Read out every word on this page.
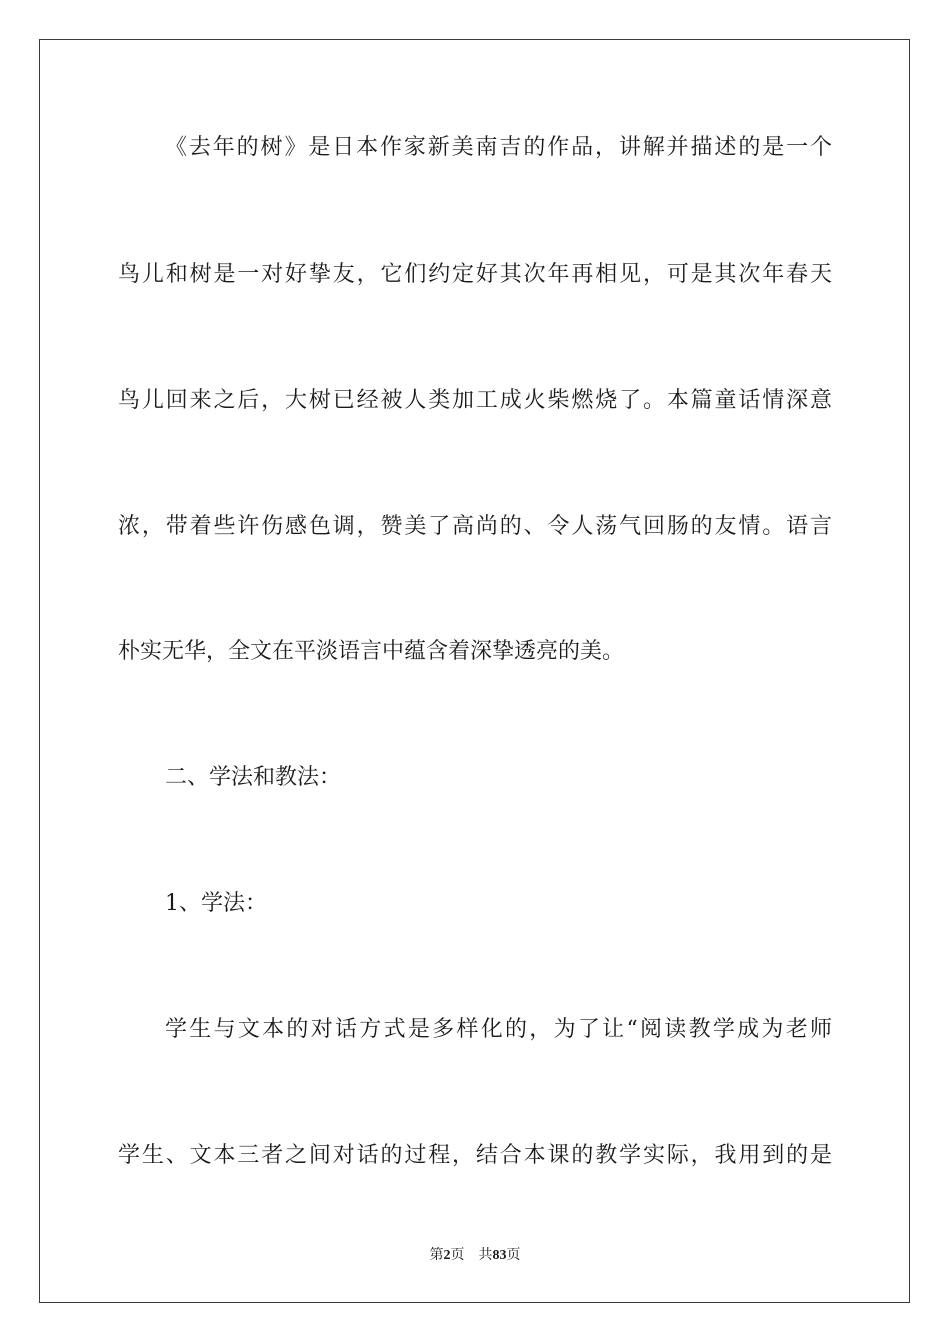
《去年的树》是日本作家新美南吉的作品，讲解并描述的是一个
鸟儿和树是一对好挚友，它们约定好其次年再相见，可是其次年春天
鸟儿回来之后，大树已经被人类加工成火柴燃烧了。本篇童话情深意
浓，带着些许伤感色调，赞美了高尚的、令人荡气回肠的友情。语言
朴实无华，全文在平淡语言中蕴含着深挚透亮的美。
二、学法和教法：
1、学法：
学生与文本的对话方式是多样化的，为了让“阅读教学成为老师
学生、文本三者之间对话的过程，结合本课的教学实际，我用到的是
第2页 共83页
